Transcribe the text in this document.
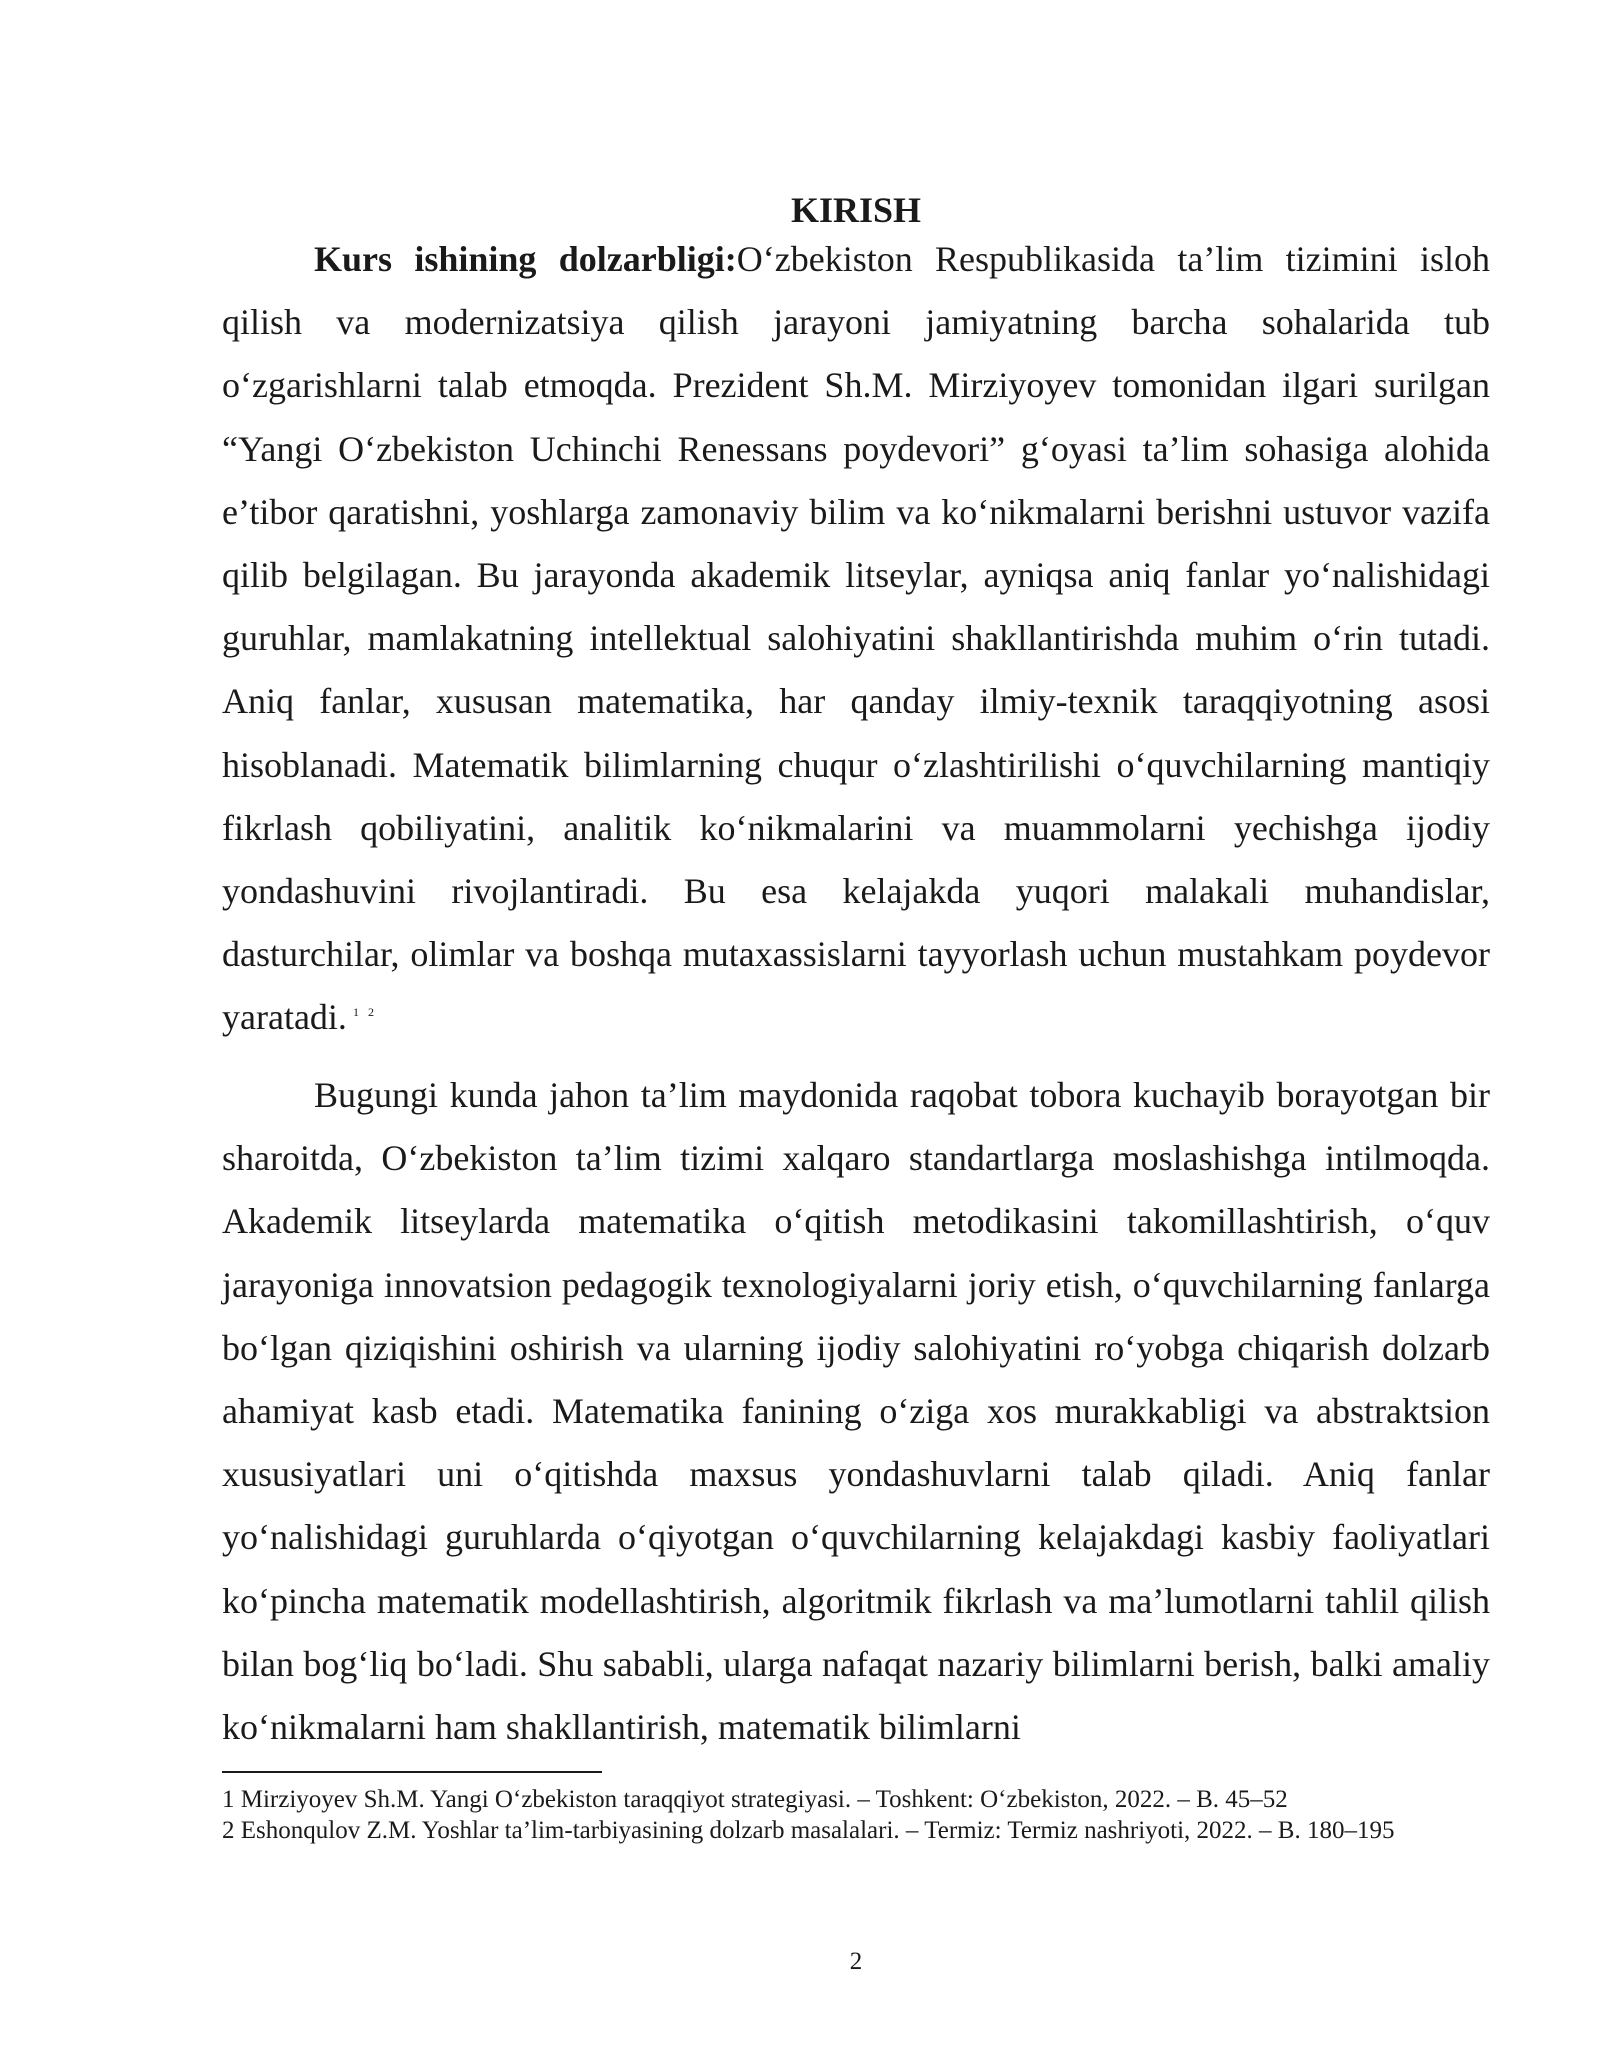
KIRISH

Kurs ishining dolzarbligi:O‘zbekiston Respublikasida ta’lim tizimini isloh qilish va modernizatsiya qilish jarayoni jamiyatning barcha sohalarida tub o‘zgarishlarni talab etmoqda. Prezident Sh.M. Mirziyoyev tomonidan ilgari surilgan “Yangi O‘zbekiston Uchinchi Renessans poydevori” g‘oyasi ta’lim sohasiga alohida e’tibor qaratishni, yoshlarga zamonaviy bilim va ko‘nikmalarni berishni ustuvor vazifa qilib belgilagan. Bu jarayonda akademik litseylar, ayniqsa aniq fanlar yo‘nalishidagi guruhlar, mamlakatning intellektual salohiyatini shakllantirishda muhim o‘rin tutadi. Aniq fanlar, xususan matematika, har qanday ilmiy-texnik taraqqiyotning asosi hisoblanadi. Matematik bilimlarning chuqur o‘zlashtirilishi o‘quvchilarning mantiqiy fikrlash qobiliyatini, analitik ko‘nikmalarini va muammolarni yechishga ijodiy yondashuvini rivojlantiradi. Bu esa kelajakda yuqori malakali muhandislar, dasturchilar, olimlar va boshqa mutaxassislarni tayyorlash uchun mustahkam poydevor yaratadi. $^{1 2}$

Bugungi kunda jahon ta’lim maydonida raqobat tobora kuchayib borayotgan bir sharoitda, O‘zbekiston ta’lim tizimi xalqaro standartlarga moslashishga intilmoqda. Akademik litseylarda matematika o‘qitish metodikasini takomillashtirish, o‘quv jarayoniga innovatsion pedagogik texnologiyalarni joriy etish, o‘quvchilarning fanlarga bo‘lgan qiziqishini oshirish va ularning ijodiy salohiyatini ro‘yobga chiqarish dolzarb ahamiyat kasb etadi. Matematika fanining o‘ziga xos murakkabligi va abstraktsion xususiyatlari uni o‘qitishda maxsus yondashuvlarni talab qiladi. Aniq fanlar yo‘nalishidagi guruhlarda o‘qiyotgan o‘quvchilarning kelajakdagi kasbiy faoliyatlari ko‘pincha matematik modellashtirish, algoritmik fikrlash va ma’lumotlarni tahlil qilish bilan bog‘liq bo‘ladi. Shu sababli, ularga nafaqat nazariy bilimlarni berish, balki amaliy ko‘nikmalarni ham shakllantirish, matematik bilimlarni

1 Mirziyoyev Sh.M. Yangi O‘zbekiston taraqqiyot strategiyasi. – Toshkent: O‘zbekiston, 2022. – B. 45–52

2 Eshonqulov Z.M. Yoshlar ta’lim-tarbiyasining dolzarb masalalari. – Termiz: Termiz nashriyoti, 2022. – B. 180–195

2
